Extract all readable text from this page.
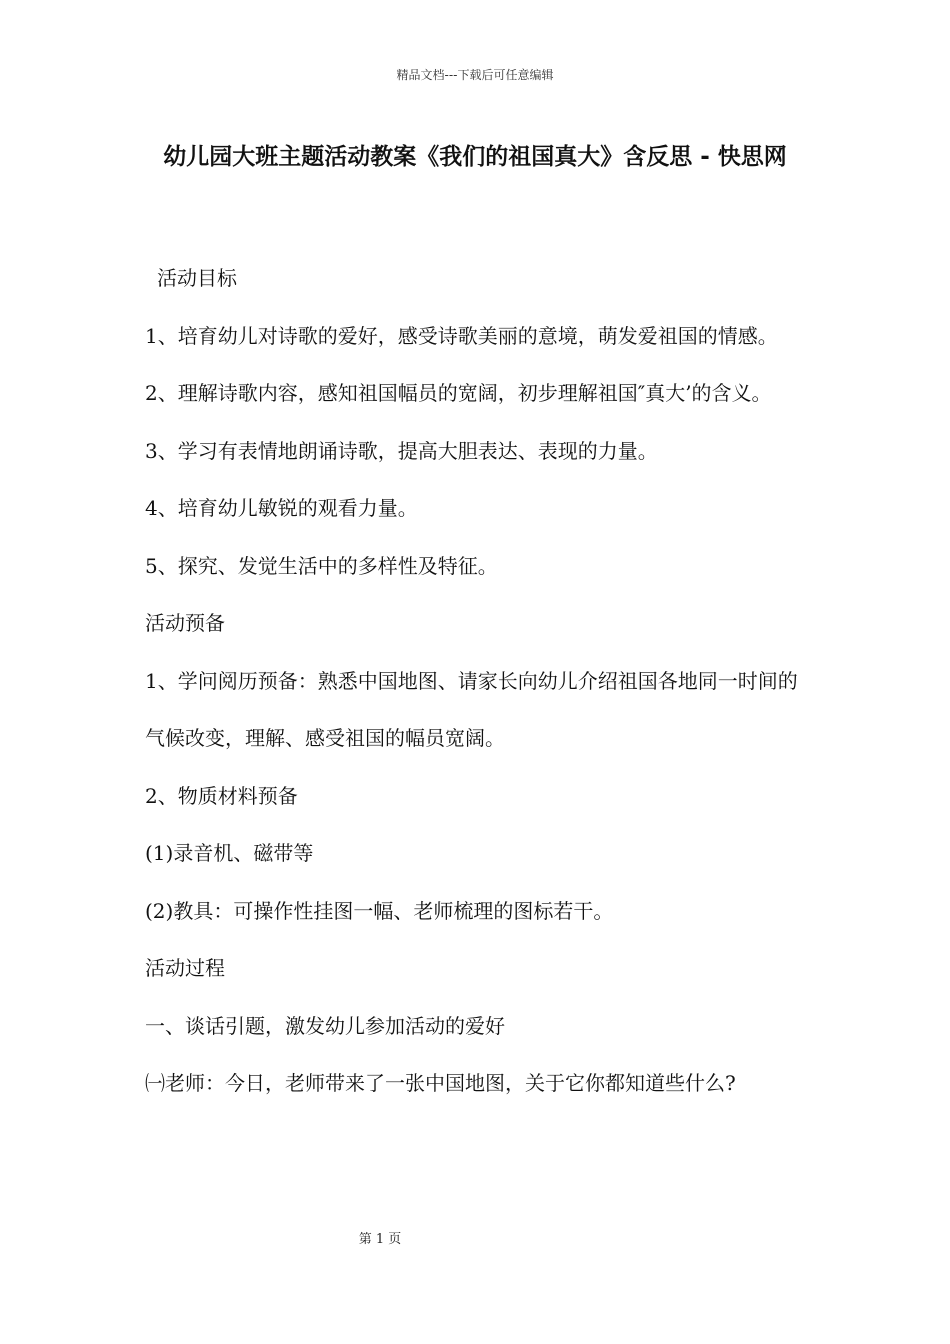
精品文档---下载后可任意编辑
幼儿园大班主题活动教案《我们的祖国真大》含反思 - 快思网

活动目标

1、培育幼儿对诗歌的爱好，感受诗歌美丽的意境，萌发爱祖国的情感。

2、理解诗歌内容，感知祖国幅员的宽阔，初步理解祖国″真大’的含义。

3、学习有表情地朗诵诗歌，提高大胆表达、表现的力量。

4、培育幼儿敏锐的观看力量。

5、探究、发觉生活中的多样性及特征。

活动预备

1、学问阅历预备：熟悉中国地图、请家长向幼儿介绍祖国各地同一时间的气候改变，理解、感受祖国的幅员宽阔。

2、物质材料预备

(1)录音机、磁带等

(2)教具：可操作性挂图一幅、老师梳理的图标若干。

活动过程

一、谈话引题，激发幼儿参加活动的爱好

㈠老师：今日，老师带来了一张中国地图，关于它你都知道些什么?

第 1 页
